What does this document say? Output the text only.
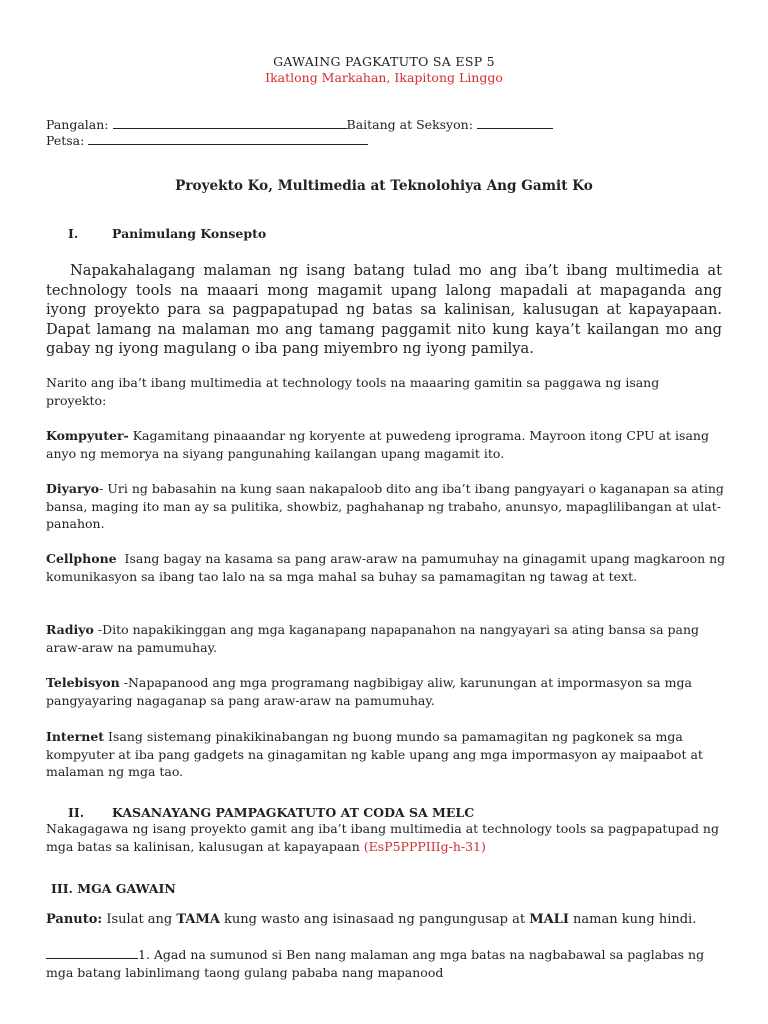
GAWAING PAGKATUTO SA ESP 5
Ikatlong Markahan, Ikapitong Linggo
Pangalan:	Baitang at Seksyon:
Petsa:
Proyekto Ko, Multimedia at Teknolohiya Ang Gamit Ko
I.	Panimulang Konsepto
Napakahalagang malaman ng isang batang tulad mo ang iba’t ibang multimedia at technology tools na maaari mong magamit upang lalong mapadali at mapaganda ang iyong proyekto para sa pagpapatupad ng batas sa kalinisan, kalusugan at kapayapaan. Dapat lamang na malaman mo ang tamang paggamit nito kung kaya’t kailangan mo ang gabay ng iyong magulang o iba pang miyembro ng iyong pamilya.
Narito ang iba’t ibang multimedia at technology tools na maaaring gamitin sa paggawa ng isang proyekto:
Kompyuter- Kagamitang pinaaandar ng koryente at puwedeng iprograma. Mayroon itong CPU at isang anyo ng memorya na siyang pangunahing kailangan upang magamit ito.
Diyaryo- Uri ng babasahin na kung saan nakapaloob dito ang iba’t ibang pangyayari o kaganapan sa ating bansa, maging ito man ay sa pulitika, showbiz, paghahanap ng trabaho, anunsyo, mapaglilibangan at ulat-panahon.
Cellphone  Isang bagay na kasama sa pang araw-araw na pamumuhay na ginagamit upang magkaroon ng komunikasyon sa ibang tao lalo na sa mga mahal sa buhay sa pamamagitan ng tawag at text.
Radiyo -Dito napakikinggan ang mga kaganapang napapanahon na nangyayari sa ating bansa sa pang araw-araw na pamumuhay.
Telebisyon -Napapanood ang mga programang nagbibigay aliw, karunungan at impormasyon sa mga pangyayaring nagaganap sa pang araw-araw na pamumuhay.
Internet Isang sistemang pinakikinabangan ng buong mundo sa pamamagitan ng pagkonek sa mga kompyuter at iba pang gadgets na ginagamitan ng kable upang ang mga impormasyon ay maipaabot at malaman ng mga tao.
II. KASANAYANG PAMPAGKATUTO AT CODA SA MELC
Nakagagawa ng isang proyekto gamit ang iba’t ibang multimedia at technology tools sa pagpapatupad ng mga batas sa kalinisan, kalusugan at kapayapaan (EsP5PPPIIIg-h-31)
III. MGA GAWAIN
Panuto: Isulat ang TAMA kung wasto ang isinasaad ng pangungusap at MALI naman kung hindi.
1. Agad na sumunod si Ben nang malaman ang mga batas na nagbabawal sa paglabas ng mga batang labinlimang taong gulang pababa nang mapanood
